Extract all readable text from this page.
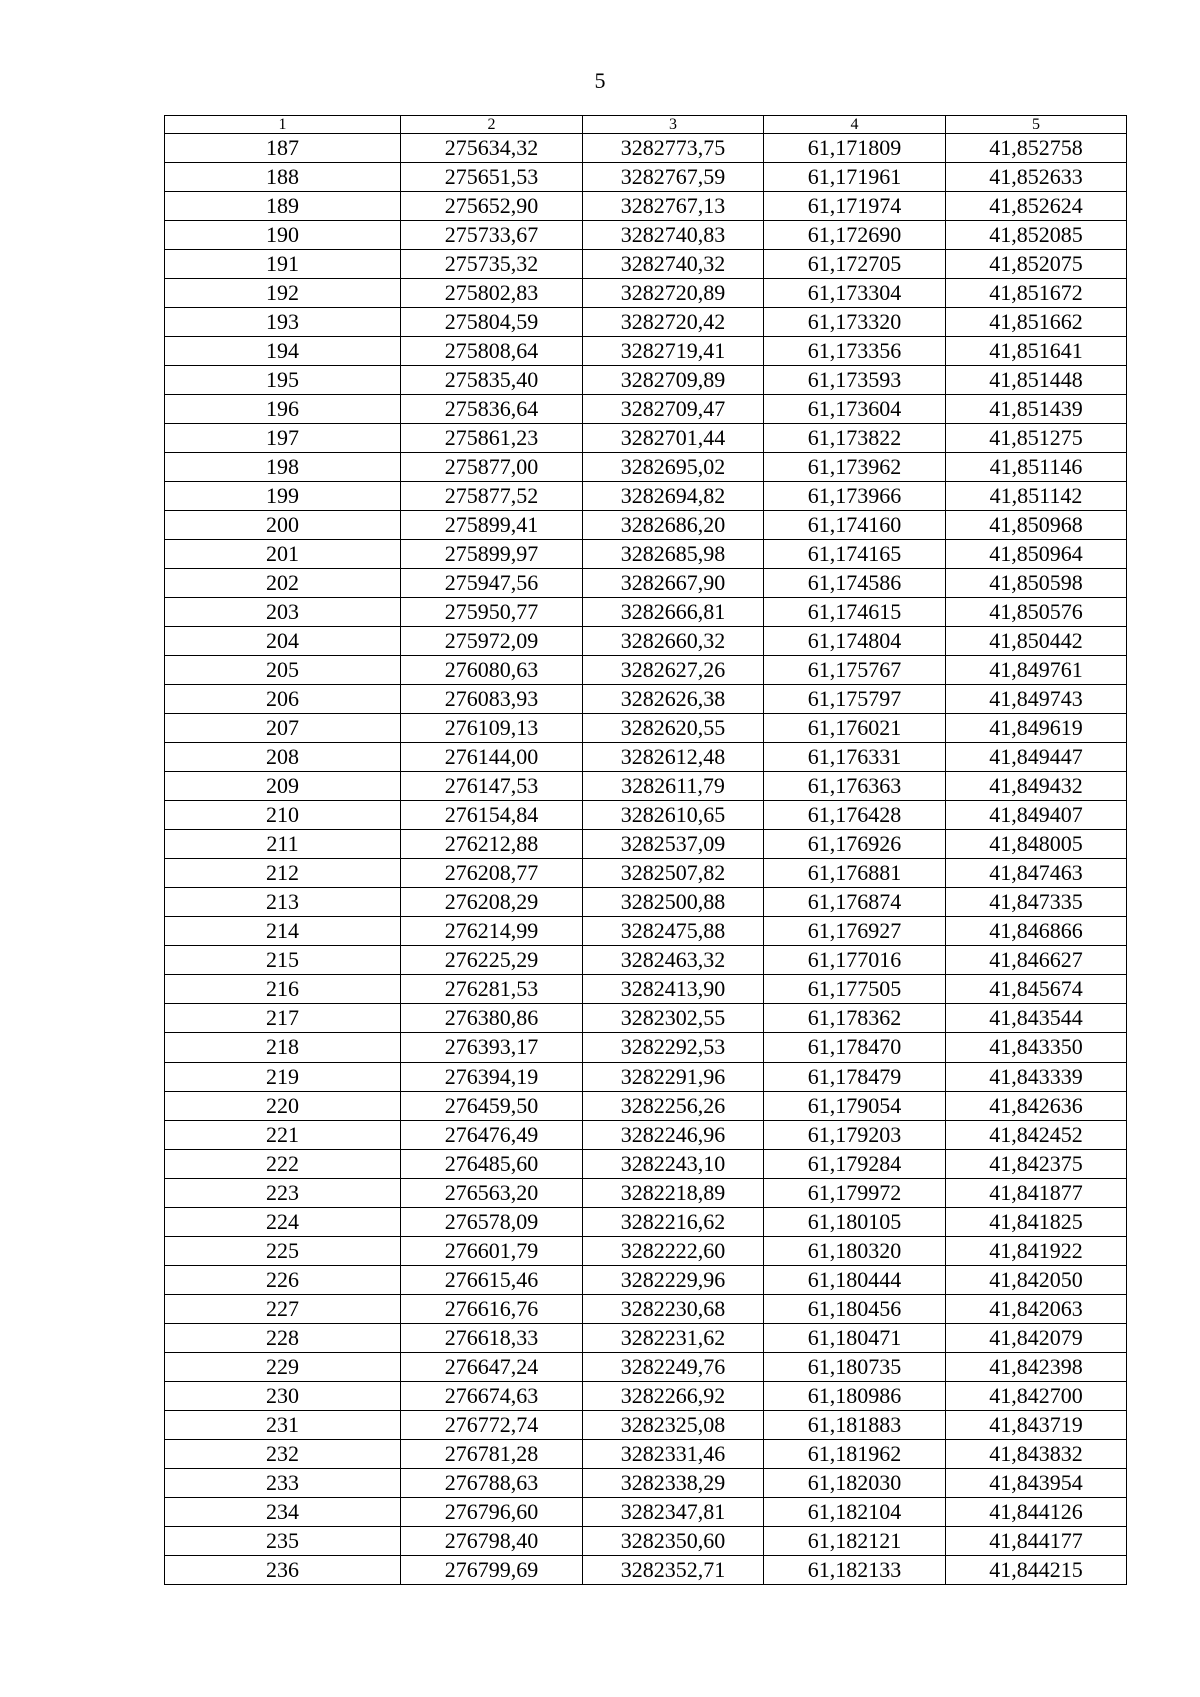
5
1	2	3	4	5
187	275634,32	3282773,75	61,171809	41,852758
188	275651,53	3282767,59	61,171961	41,852633
189	275652,90	3282767,13	61,171974	41,852624
190	275733,67	3282740,83	61,172690	41,852085
191	275735,32	3282740,32	61,172705	41,852075
192	275802,83	3282720,89	61,173304	41,851672
193	275804,59	3282720,42	61,173320	41,851662
194	275808,64	3282719,41	61,173356	41,851641
195	275835,40	3282709,89	61,173593	41,851448
196	275836,64	3282709,47	61,173604	41,851439
197	275861,23	3282701,44	61,173822	41,851275
198	275877,00	3282695,02	61,173962	41,851146
199	275877,52	3282694,82	61,173966	41,851142
200	275899,41	3282686,20	61,174160	41,850968
201	275899,97	3282685,98	61,174165	41,850964
202	275947,56	3282667,90	61,174586	41,850598
203	275950,77	3282666,81	61,174615	41,850576
204	275972,09	3282660,32	61,174804	41,850442
205	276080,63	3282627,26	61,175767	41,849761
206	276083,93	3282626,38	61,175797	41,849743
207	276109,13	3282620,55	61,176021	41,849619
208	276144,00	3282612,48	61,176331	41,849447
209	276147,53	3282611,79	61,176363	41,849432
210	276154,84	3282610,65	61,176428	41,849407
211	276212,88	3282537,09	61,176926	41,848005
212	276208,77	3282507,82	61,176881	41,847463
213	276208,29	3282500,88	61,176874	41,847335
214	276214,99	3282475,88	61,176927	41,846866
215	276225,29	3282463,32	61,177016	41,846627
216	276281,53	3282413,90	61,177505	41,845674
217	276380,86	3282302,55	61,178362	41,843544
218	276393,17	3282292,53	61,178470	41,843350
219	276394,19	3282291,96	61,178479	41,843339
220	276459,50	3282256,26	61,179054	41,842636
221	276476,49	3282246,96	61,179203	41,842452
222	276485,60	3282243,10	61,179284	41,842375
223	276563,20	3282218,89	61,179972	41,841877
224	276578,09	3282216,62	61,180105	41,841825
225	276601,79	3282222,60	61,180320	41,841922
226	276615,46	3282229,96	61,180444	41,842050
227	276616,76	3282230,68	61,180456	41,842063
228	276618,33	3282231,62	61,180471	41,842079
229	276647,24	3282249,76	61,180735	41,842398
230	276674,63	3282266,92	61,180986	41,842700
231	276772,74	3282325,08	61,181883	41,843719
232	276781,28	3282331,46	61,181962	41,843832
233	276788,63	3282338,29	61,182030	41,843954
234	276796,60	3282347,81	61,182104	41,844126
235	276798,40	3282350,60	61,182121	41,844177
236	276799,69	3282352,71	61,182133	41,844215
